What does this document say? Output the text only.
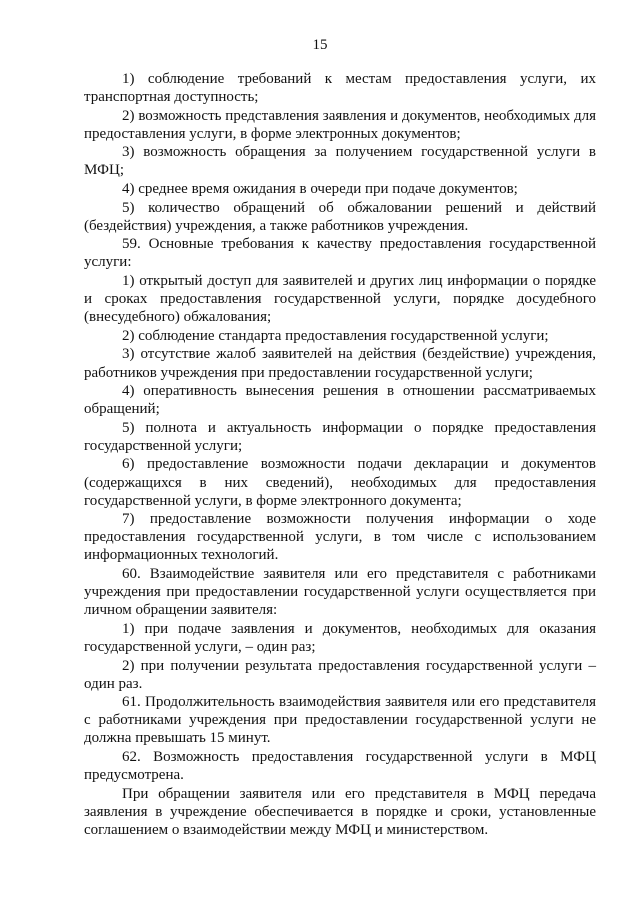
15

1) соблюдение требований к местам предоставления услуги, их транспортная доступность;

2) возможность представления заявления и документов, необходимых для предоставления услуги, в форме электронных документов;

3) возможность обращения за получением государственной услуги в МФЦ;

4) среднее время ожидания в очереди при подаче документов;

5) количество обращений об обжаловании решений и действий (бездействия) учреждения, а также работников учреждения.

59. Основные требования к качеству предоставления государственной услуги:

1) открытый доступ для заявителей и других лиц информации о порядке и сроках предоставления государственной услуги, порядке досудебного (внесудебного) обжалования;

2) соблюдение стандарта предоставления государственной услуги;

3) отсутствие жалоб заявителей на действия (бездействие) учреждения, работников учреждения при предоставлении государственной услуги;

4) оперативность вынесения решения в отношении рассматриваемых обращений;

5) полнота и актуальность информации о порядке предоставления государственной услуги;

6) предоставление возможности подачи декларации и документов (содержащихся в них сведений), необходимых для предоставления государственной услуги, в форме электронного документа;

7) предоставление возможности получения информации о ходе предоставления государственной услуги, в том числе с использованием информационных технологий.

60. Взаимодействие заявителя или его представителя с работниками учреждения при предоставлении государственной услуги осуществляется при личном обращении заявителя:

1) при подаче заявления и документов, необходимых для оказания государственной услуги, – один раз;

2) при получении результата предоставления государственной услуги – один раз.

61. Продолжительность взаимодействия заявителя или его представителя с работниками учреждения при предоставлении государственной услуги не должна превышать 15 минут.

62. Возможность предоставления государственной услуги в МФЦ предусмотрена.

При обращении заявителя или его представителя в МФЦ передача заявления в учреждение обеспечивается в порядке и сроки, установленные соглашением о взаимодействии между МФЦ и министерством.
